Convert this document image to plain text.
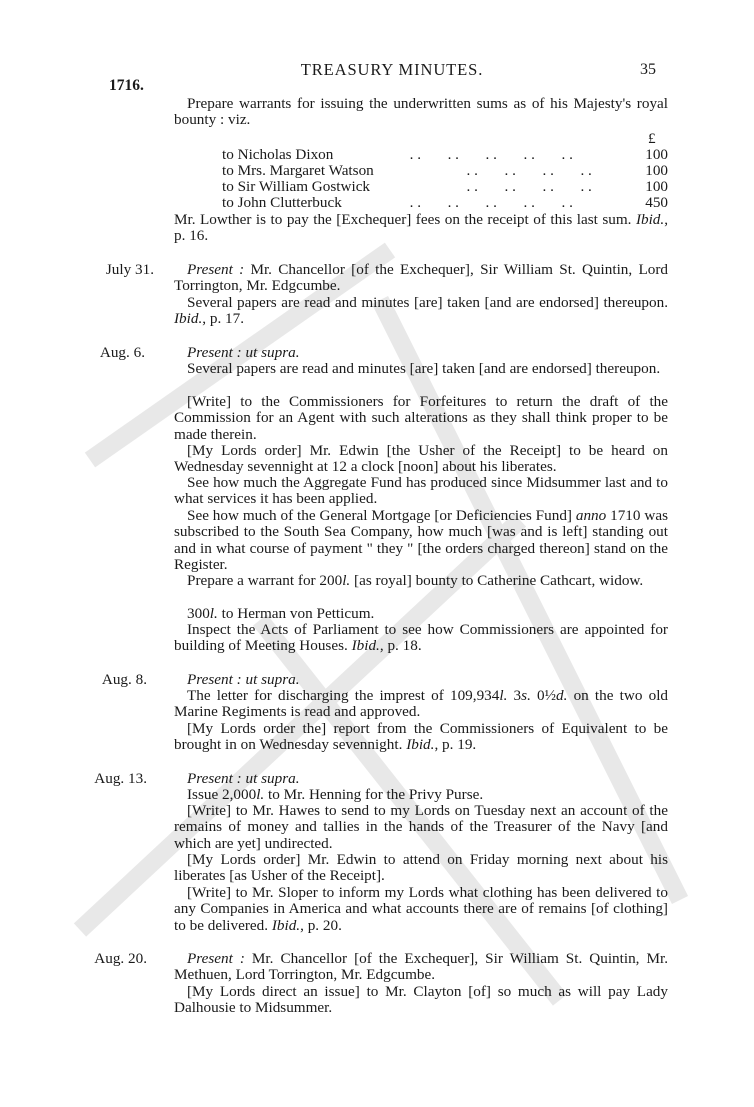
1716.
TREASURY MINUTES.	35
Prepare warrants for issuing the underwritten sums as of his Majesty's royal bounty : viz.
£
to Nicholas Dixon	. .       . .       . .       . .       . .	100
to Mrs. Margaret Watson . .       . .       . .       . .	100
to Sir William Gostwick . .       . .       . .       . .	100
to John Clutterbuck	. .       . .       . .       . .       . .	450
Mr. Lowther is to pay the [Exchequer] fees on the receipt of this last sum. Ibid., p. 16.
July 31.	Present : Mr. Chancellor [of the Exchequer], Sir William St. Quintin, Lord Torrington, Mr. Edgcumbe.
Several papers are read and minutes [are] taken [and are endorsed] thereupon. Ibid., p. 17.
Aug. 6.	Present : ut supra.
Several papers are read and minutes [are] taken [and are endorsed] thereupon.
[Write] to the Commissioners for Forfeitures to return the draft of the Commission for an Agent with such alterations as they shall think proper to be made therein.
[My Lords order] Mr. Edwin [the Usher of the Receipt] to be heard on Wednesday sevennight at 12 a clock [noon] about his liberates.
See how much the Aggregate Fund has produced since Midsummer last and to what services it has been applied.
See how much of the General Mortgage [or Deficiencies Fund] anno 1710 was subscribed to the South Sea Company, how much [was and is left] standing out and in what course of payment " they " [the orders charged thereon] stand on the Register.
Prepare a warrant for 200l. [as royal] bounty to Catherine Cathcart, widow.
300l. to Herman von Petticum.
Inspect the Acts of Parliament to see how Commissioners are appointed for building of Meeting Houses. Ibid., p. 18.
Aug. 8.	Present : ut supra.
The letter for discharging the imprest of 109,934l. 3s. 0½d. on the two old Marine Regiments is read and approved.
[My Lords order the] report from the Commissioners of Equivalent to be brought in on Wednesday sevennight. Ibid., p. 19.
Aug. 13.	Present : ut supra.
Issue 2,000l. to Mr. Henning for the Privy Purse.
[Write] to Mr. Hawes to send to my Lords on Tuesday next an account of the remains of money and tallies in the hands of the Treasurer of the Navy [and which are yet] undirected.
[My Lords order] Mr. Edwin to attend on Friday morning next about his liberates [as Usher of the Receipt].
[Write] to Mr. Sloper to inform my Lords what clothing has been delivered to any Companies in America and what accounts there are of remains [of clothing] to be delivered. Ibid., p. 20.
Aug. 20.	Present : Mr. Chancellor [of the Exchequer], Sir William St. Quintin, Mr. Methuen, Lord Torrington, Mr. Edgcumbe.
[My Lords direct an issue] to Mr. Clayton [of] so much as will pay Lady Dalhousie to Midsummer.
